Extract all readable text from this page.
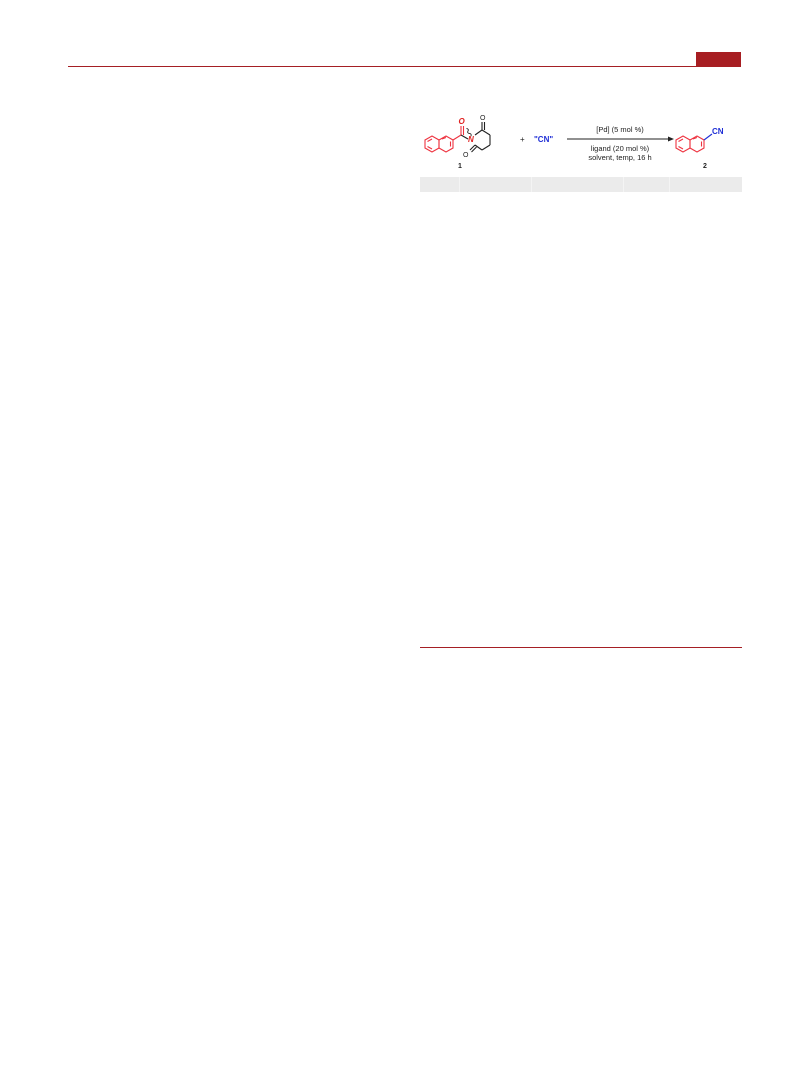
O
N
O
O
1
+ "CN"
[Pd] (5 mol %)
ligand (20 mol %)
solvent, temp, 16 h
CN
2
